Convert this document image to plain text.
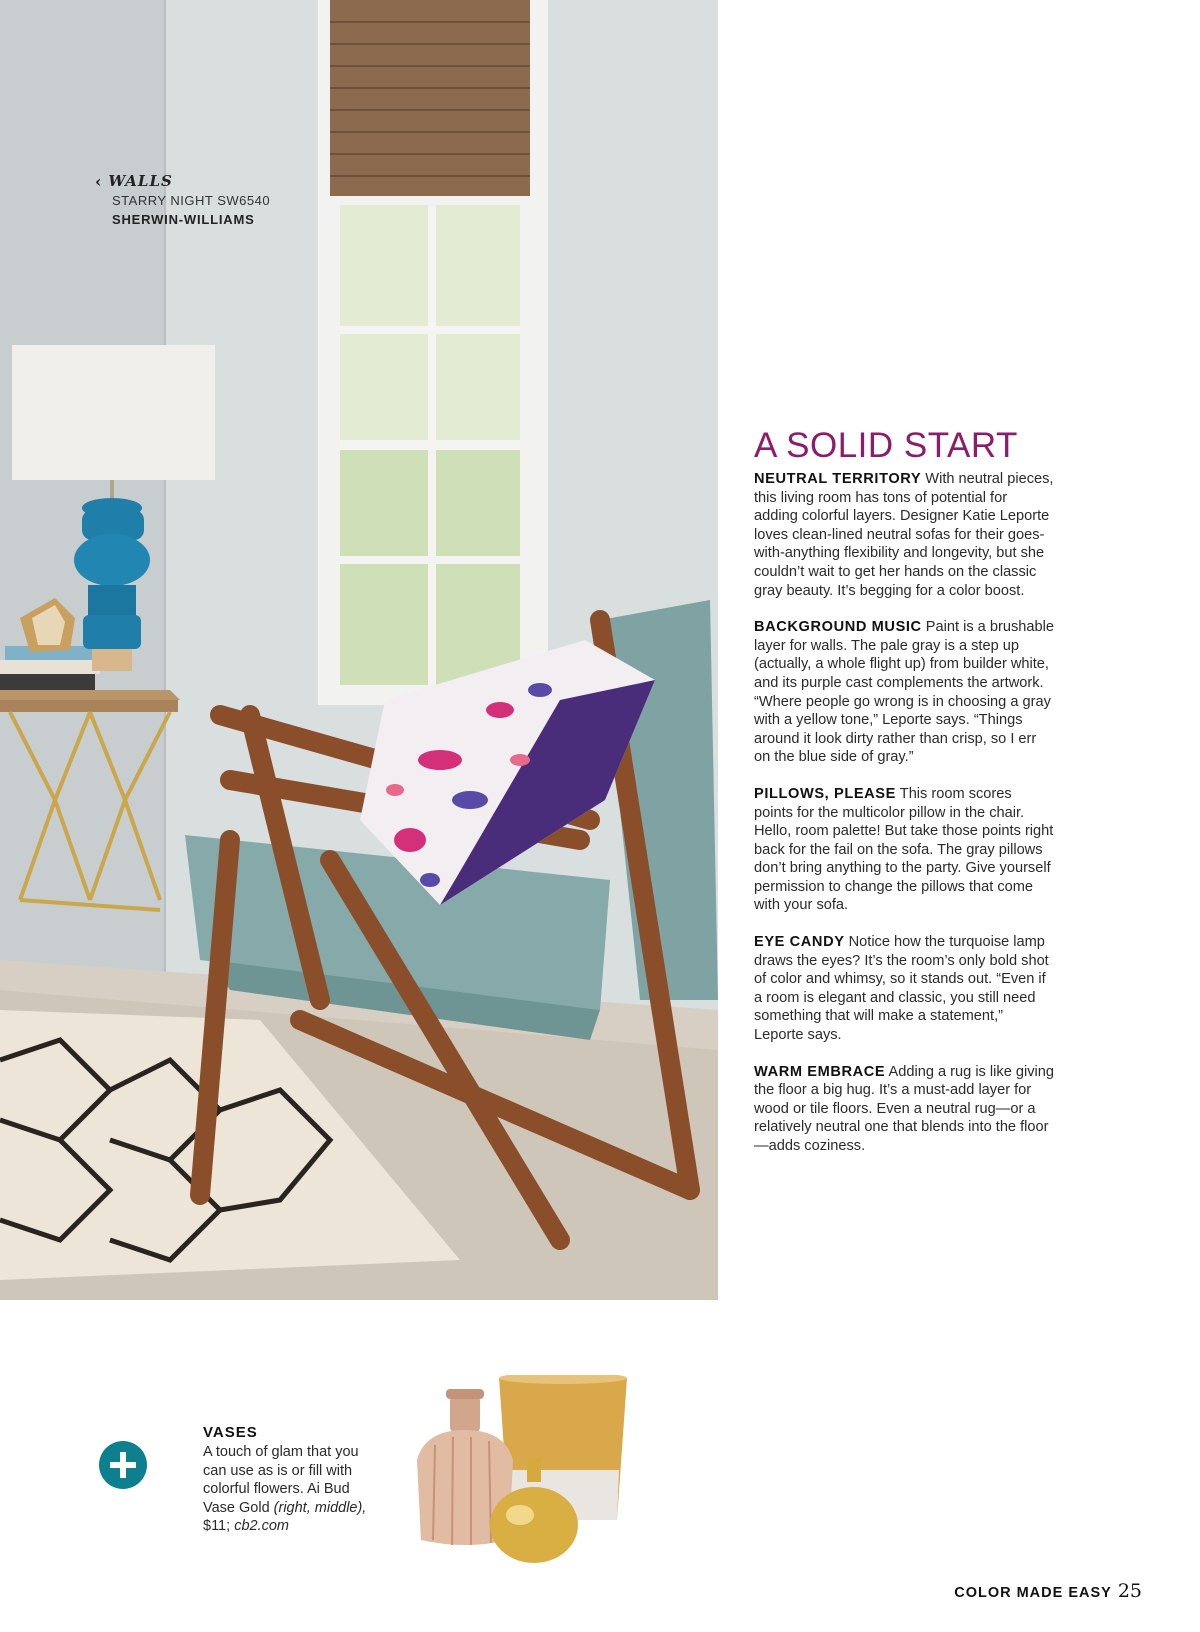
‹ WALLS
STARRY NIGHT SW6540
SHERWIN-WILLIAMS
A SOLID START

NEUTRAL TERRITORY With neutral pieces, this living room has tons of potential for adding colorful layers. Designer Katie Leporte loves clean-lined neutral sofas for their goes-with-anything flexibility and longevity, but she couldn’t wait to get her hands on the classic gray beauty. It’s begging for a color boost.

BACKGROUND MUSIC Paint is a brushable layer for walls. The pale gray is a step up (actually, a whole flight up) from builder white, and its purple cast complements the artwork. “Where people go wrong is in choosing a gray with a yellow tone,” Leporte says. “Things around it look dirty rather than crisp, so I err on the blue side of gray.”

PILLOWS, PLEASE This room scores points for the multicolor pillow in the chair. Hello, room palette! But take those points right back for the fail on the sofa. The gray pillows don’t bring anything to the party. Give yourself permission to change the pillows that come with your sofa.

EYE CANDY Notice how the turquoise lamp draws the eyes? It’s the room’s only bold shot of color and whimsy, so it stands out. “Even if a room is elegant and classic, you still need something that will make a statement,” Leporte says.

WARM EMBRACE Adding a rug is like giving the floor a big hug. It’s a must-add layer for wood or tile floors. Even a neutral rug—or a relatively neutral one that blends into the floor—adds coziness.

VASES
A touch of glam that you can use as is or fill with colorful flowers. Ai Bud Vase Gold (right, middle), $11; cb2.com
COLOR MADE EASY 25
